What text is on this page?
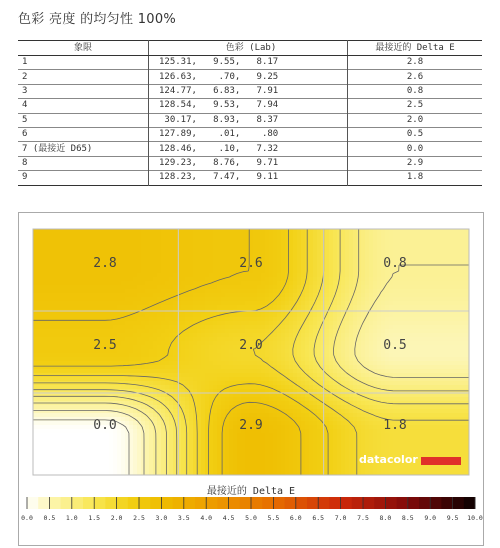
色彩 亮度 的均匀性 100%
象限	色彩 (Lab)	最接近的 Delta E
1	125.31,   9.55,   8.17	2.8
2	126.63,    .70,   9.25	2.6
3	124.77,   6.83,   7.91	0.8
4	128.54,   9.53,   7.94	2.5
5	30.17,   8.93,   8.37	2.0
6	127.89,    .01,    .80	0.5
7 (最接近 D65)	128.46,    .10,   7.32	0.0
8	129.23,   8.76,   9.71	2.9
9	128.23,   7.47,   9.11	1.8
2.8	2.6	0.8
2.5	2.0	0.5
0.0	2.9	1.8
0.0 0.5 1.0 1.5 2.0 2.5 3.0 3.5 4.0 4.5 5.0 5.5 6.0 6.5 7.0 7.5 8.0 8.5 9.0 9.5 10.0
datacolor
最接近的 Delta E
